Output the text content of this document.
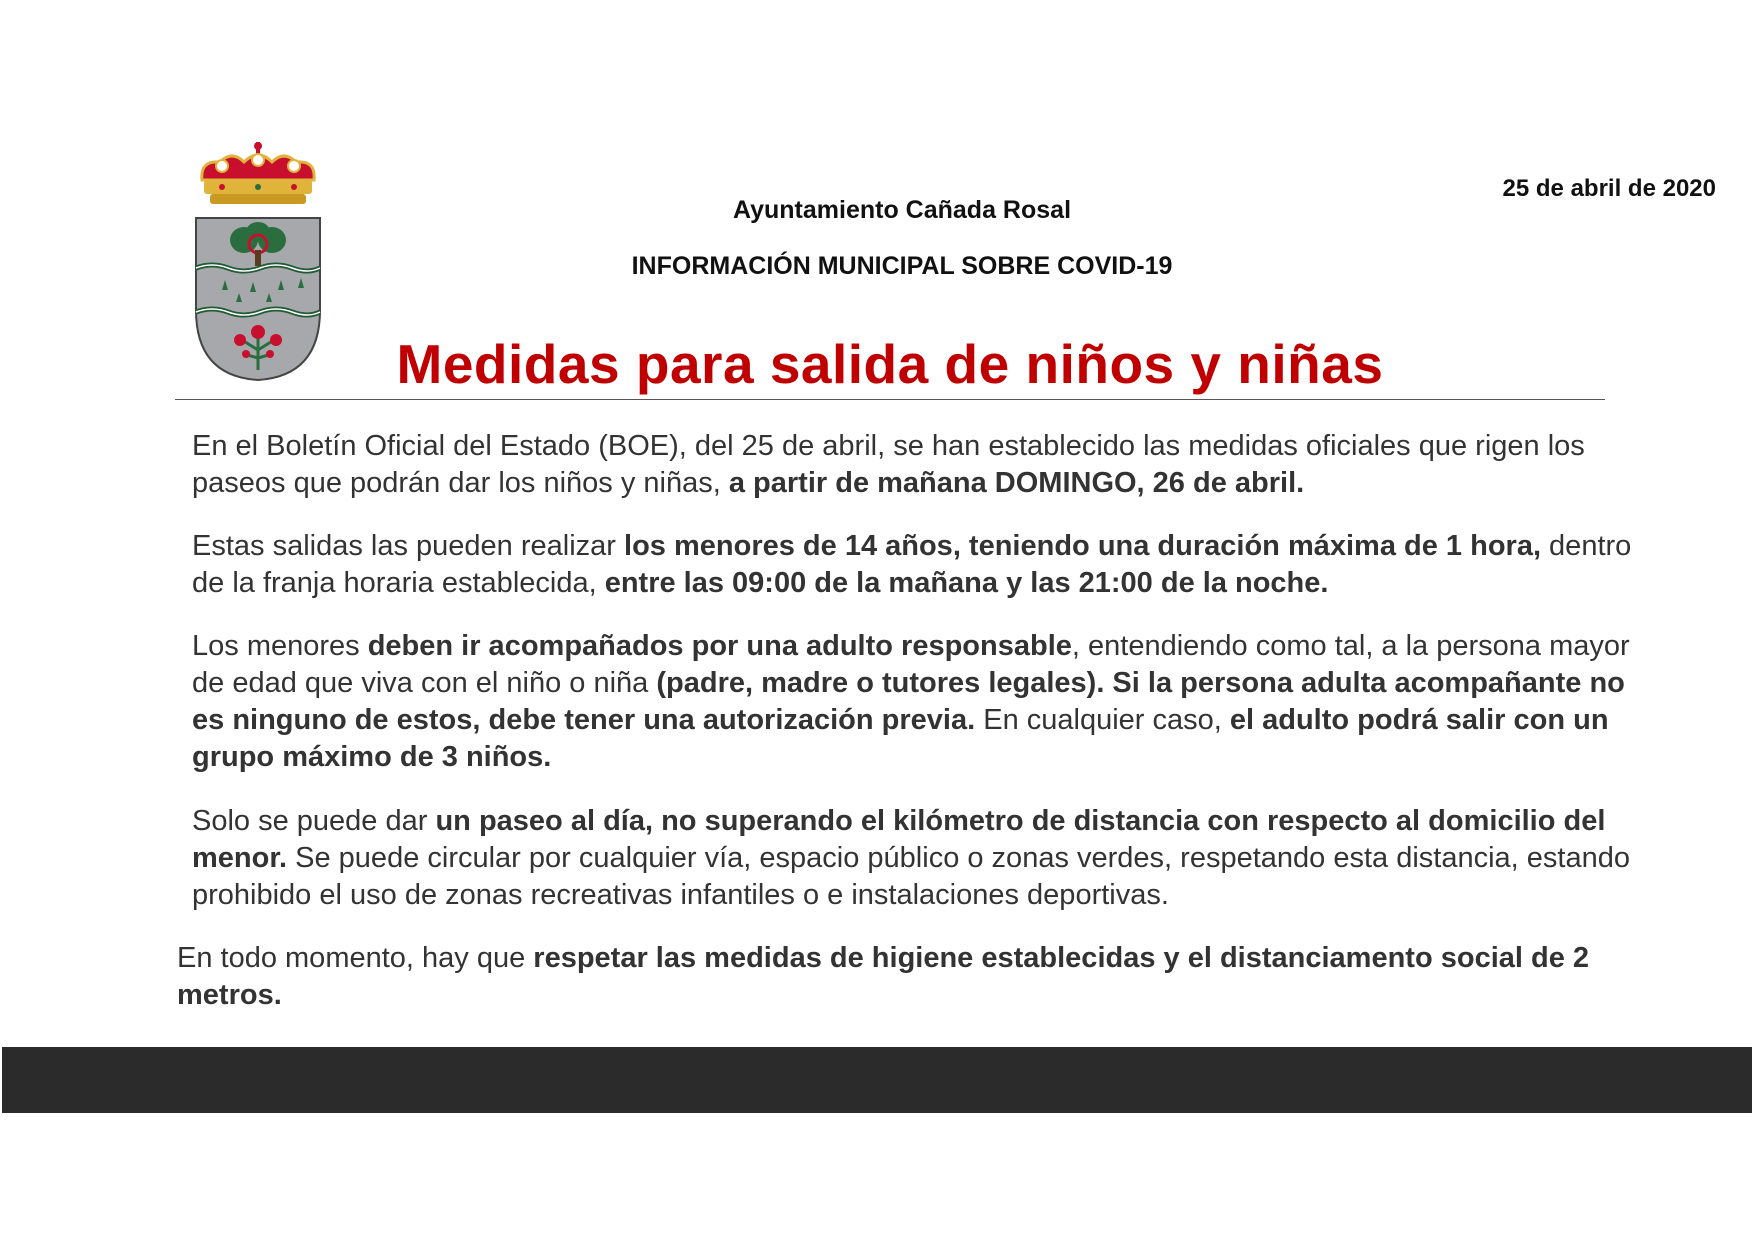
25 de abril de 2020
Ayuntamiento Cañada Rosal
INFORMACIÓN MUNICIPAL SOBRE COVID-19
Medidas para salida de niños y niñas
En el Boletín Oficial del Estado (BOE), del 25 de abril, se han establecido las medidas oficiales que rigen los paseos que podrán dar los niños y niñas, a partir de mañana DOMINGO, 26 de abril.
Estas salidas las pueden realizar los menores de 14 años, teniendo una duración máxima de 1 hora, dentro de la franja horaria establecida, entre las 09:00 de la mañana y las 21:00 de la noche.
Los menores deben ir acompañados por una adulto responsable, entendiendo como tal, a la persona mayor de edad que viva con el niño o niña (padre, madre o tutores legales). Si la persona adulta acompañante no es ninguno de estos, debe tener una autorización previa. En cualquier caso, el adulto podrá salir con un grupo máximo de 3 niños.
Solo se puede dar un paseo al día, no superando el kilómetro de distancia con respecto al domicilio del menor. Se puede circular por cualquier vía, espacio público o zonas verdes, respetando esta distancia, estando prohibido el uso de zonas recreativas infantiles o e instalaciones deportivas.
En todo momento, hay que respetar las medidas de higiene establecidas y el distanciamento social de 2 metros.
